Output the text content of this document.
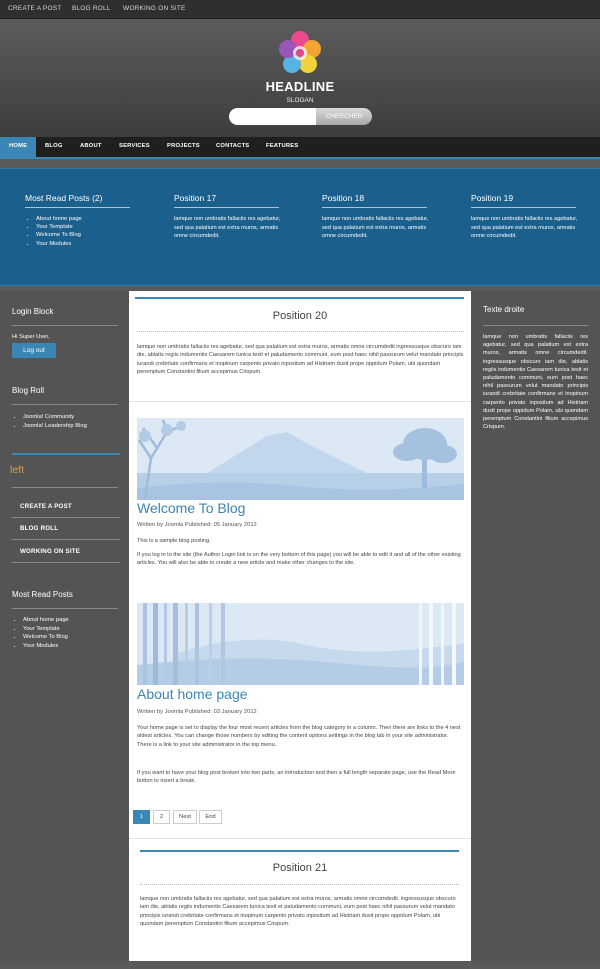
CREATE A POST BLOG ROLL WORKING ON SITE
HEADLINE
SLOGAN
CHERCHER
HOME	BLOG	ABOUT	SERVICES	PROJECTS	CONTACTS	FEATURES
Most Read Posts (2)
• About home page
• Your Template
• Welcome To Blog
• Your Modules
Position 17
lamque non umbratis fallaciis res agebatur, sed qua palatium est extra muros, armatis omne circumdedit.
Position 18
lamque non umbratis fallaciis res agebatur, sed qua palatium est extra muros, armatis omne circumdedit.
Position 19
lamque non umbratis fallaciis res agebatur, sed qua palatium est extra muros, armatis omne circumdedit.
Login Block
Hi Super User,
Log out
Blog Roll
• Joomla! Community
• Joomla! Leadership Blog
left
CREATE A POST
BLOG ROLL
WORKING ON SITE
Most Read Posts
• About home page
• Your Template
• Welcome To Blog
• Your Modules
Texte droite
lamque non umbratis fallaciis res agebatur, sed qua palatium est extra muros, armatis omne circumdedit. ingressusque obscuro iam die, ablatis regiis indumentis Caesarem tunica texit et paludamento communi, eum post haec nihil passurum velut mandato principis iurandi crebritate confirmans et inopinum carpento privato inpositum ad Histriam duxit prope oppidum Polam, ubi quondam peremptum Constantini filium accepimus Crispum.
Position 20
lamque non umbratis fallaciis res agebatur, sed qua palatium est extra muros, armatis omne circumdedit ingressusque obscuro iam die, ablatis regiis indumentis Caesarem tunica texit et paludamento communi, eum post haec nihil passurum velut mandato principis iurandi crebritate confirmans et inopinum carpento privato inpositum ad Histriam duxit prope oppidum Polam, ubi quondam peremptum Constantini filium accepimus Crispum.
Welcome To Blog
Written by Joomla Published: 05 January 2012
This is a sample blog posting.
If you log in to the site (the Author Login link is on the very bottom of this page) you will be able to edit it and all of the other existing articles. You will also be able to create a new article and make other changes to the site.
About home page
Written by Joomla Published: 03 January 2012
Your home page is set to display the four most recent articles from the blog category in a column. Then there are links to the 4 nest oldest articles. You can change those numbers by editing the content options settings in the blog tab in your site administrator. There is a link to your site administrator in the top menu.
If you want to have your blog post broken into two parts, an introduction and then a full length separate page, use the Read More button to insert a break.
1	2	Next	End
Position 21
lamque non umbratis fallaciis res agebatur, sed qua palatium est extra muros, armatis omne circumdedit. ingressusque obscuro iam die, ablatis regiis indumentis Caesarem tunica texit et paludamento communi, eum post haec nihil passurum velut mandato principis iurandi crebritate confirmans et inopinum carpento privato inpositum ad Histriam duxit prope oppidum Polam, ubi quondam peremptum Constantini filium accepimus Crispum.
